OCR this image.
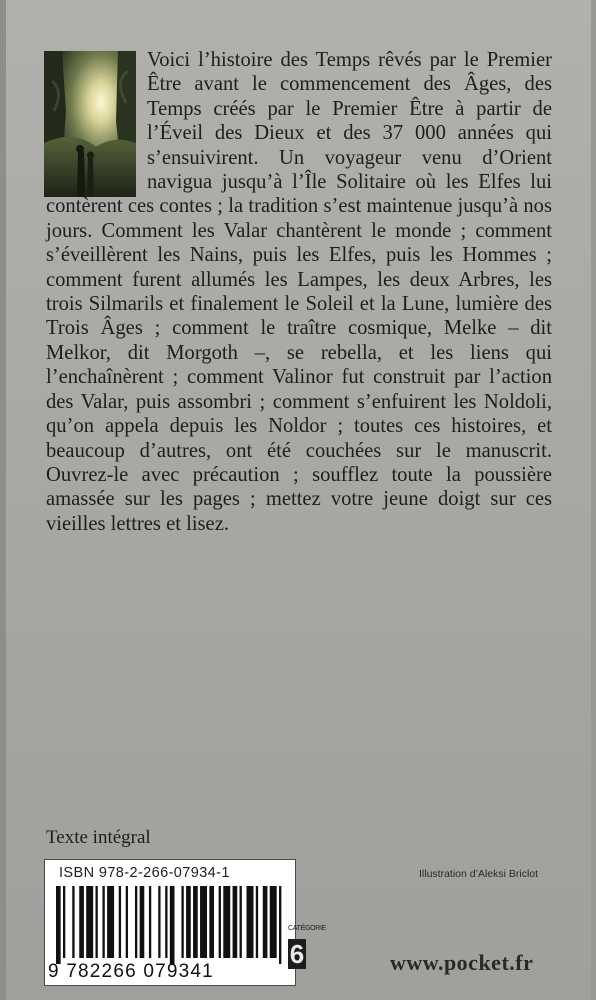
Voici l’histoire des Temps rêvés par le Premier Être avant le commencement des Âges, des Temps créés par le Premier Être à partir de l’Éveil des Dieux et des 37 000 années qui s’ensuivirent. Un voyageur venu d’Orient navigua jusqu’à l’Île Solitaire où les Elfes lui contèrent ces contes ; la tradition s’est maintenue jusqu’à nos jours. Comment les Valar chantèrent le monde ; comment s’éveillèrent les Nains, puis les Elfes, puis les Hommes ; comment furent allumés les Lampes, les deux Arbres, les trois Silmarils et finalement le Soleil et la Lune, lumière des Trois Âges ; comment le traître cosmique, Melke – dit Melkor, dit Morgoth –, se rebella, et les liens qui l’enchaînèrent ; comment Valinor fut construit par l’action des Valar, puis assombri ; comment s’enfuirent les Noldoli, qu’on appela depuis les Noldor ; toutes ces histoires, et beaucoup d’autres, ont été couchées sur le manuscrit. Ouvrez-le avec précaution ; soufflez toute la poussière amassée sur les pages ; mettez votre jeune doigt sur ces vieilles lettres et lisez.

Texte intégral

ISBN 978-2-266-07934-1
9 782266 079341
CATÉGORIE
6
Illustration d’Aleksi Briclot
www.pocket.fr
